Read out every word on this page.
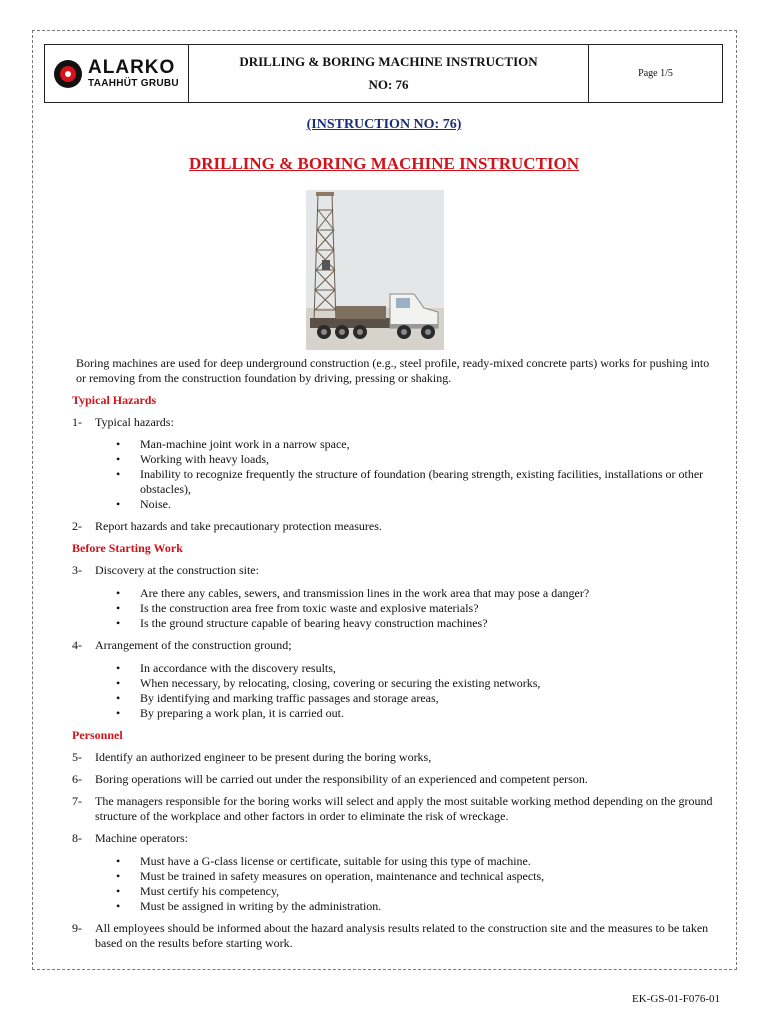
ALARKO
TAAHHÜT GRUBU
DRILLING & BORING MACHINE INSTRUCTION
NO: 76
Page 1/5
(INSTRUCTION NO: 76)
DRILLING & BORING MACHINE INSTRUCTION

Boring machines are used for deep underground construction (e.g., steel profile, ready-mixed concrete parts) works for pushing into or removing from the construction foundation by driving, pressing or shaking.

Typical Hazards

1-	Typical hazards:
• Man-machine joint work in a narrow space,
• Working with heavy loads,
• Inability to recognize frequently the structure of foundation (bearing strength, existing facilities, installations or other obstacles),
• Noise.
2-	Report hazards and take precautionary protection measures.

Before Starting Work

3-	Discovery at the construction site:
• Are there any cables, sewers, and transmission lines in the work area that may pose a danger?
• Is the construction area free from toxic waste and explosive materials?
• Is the ground structure capable of bearing heavy construction machines?
4-	Arrangement of the construction ground;
• In accordance with the discovery results,
• When necessary, by relocating, closing, covering or securing the existing networks,
• By identifying and marking traffic passages and storage areas,
• By preparing a work plan, it is carried out.

Personnel

5-	Identify an authorized engineer to be present during the boring works,
6-	Boring operations will be carried out under the responsibility of an experienced and competent person.
7-	The managers responsible for the boring works will select and apply the most suitable working method depending on the ground structure of the workplace and other factors in order to eliminate the risk of wreckage.
8-	Machine operators:
• Must have a G-class license or certificate, suitable for using this type of machine.
• Must be trained in safety measures on operation, maintenance and technical aspects,
• Must certify his competency,
• Must be assigned in writing by the administration.
9-	All employees should be informed about the hazard analysis results related to the construction site and the measures to be taken based on the results before starting work.
EK-GS-01-F076-01
